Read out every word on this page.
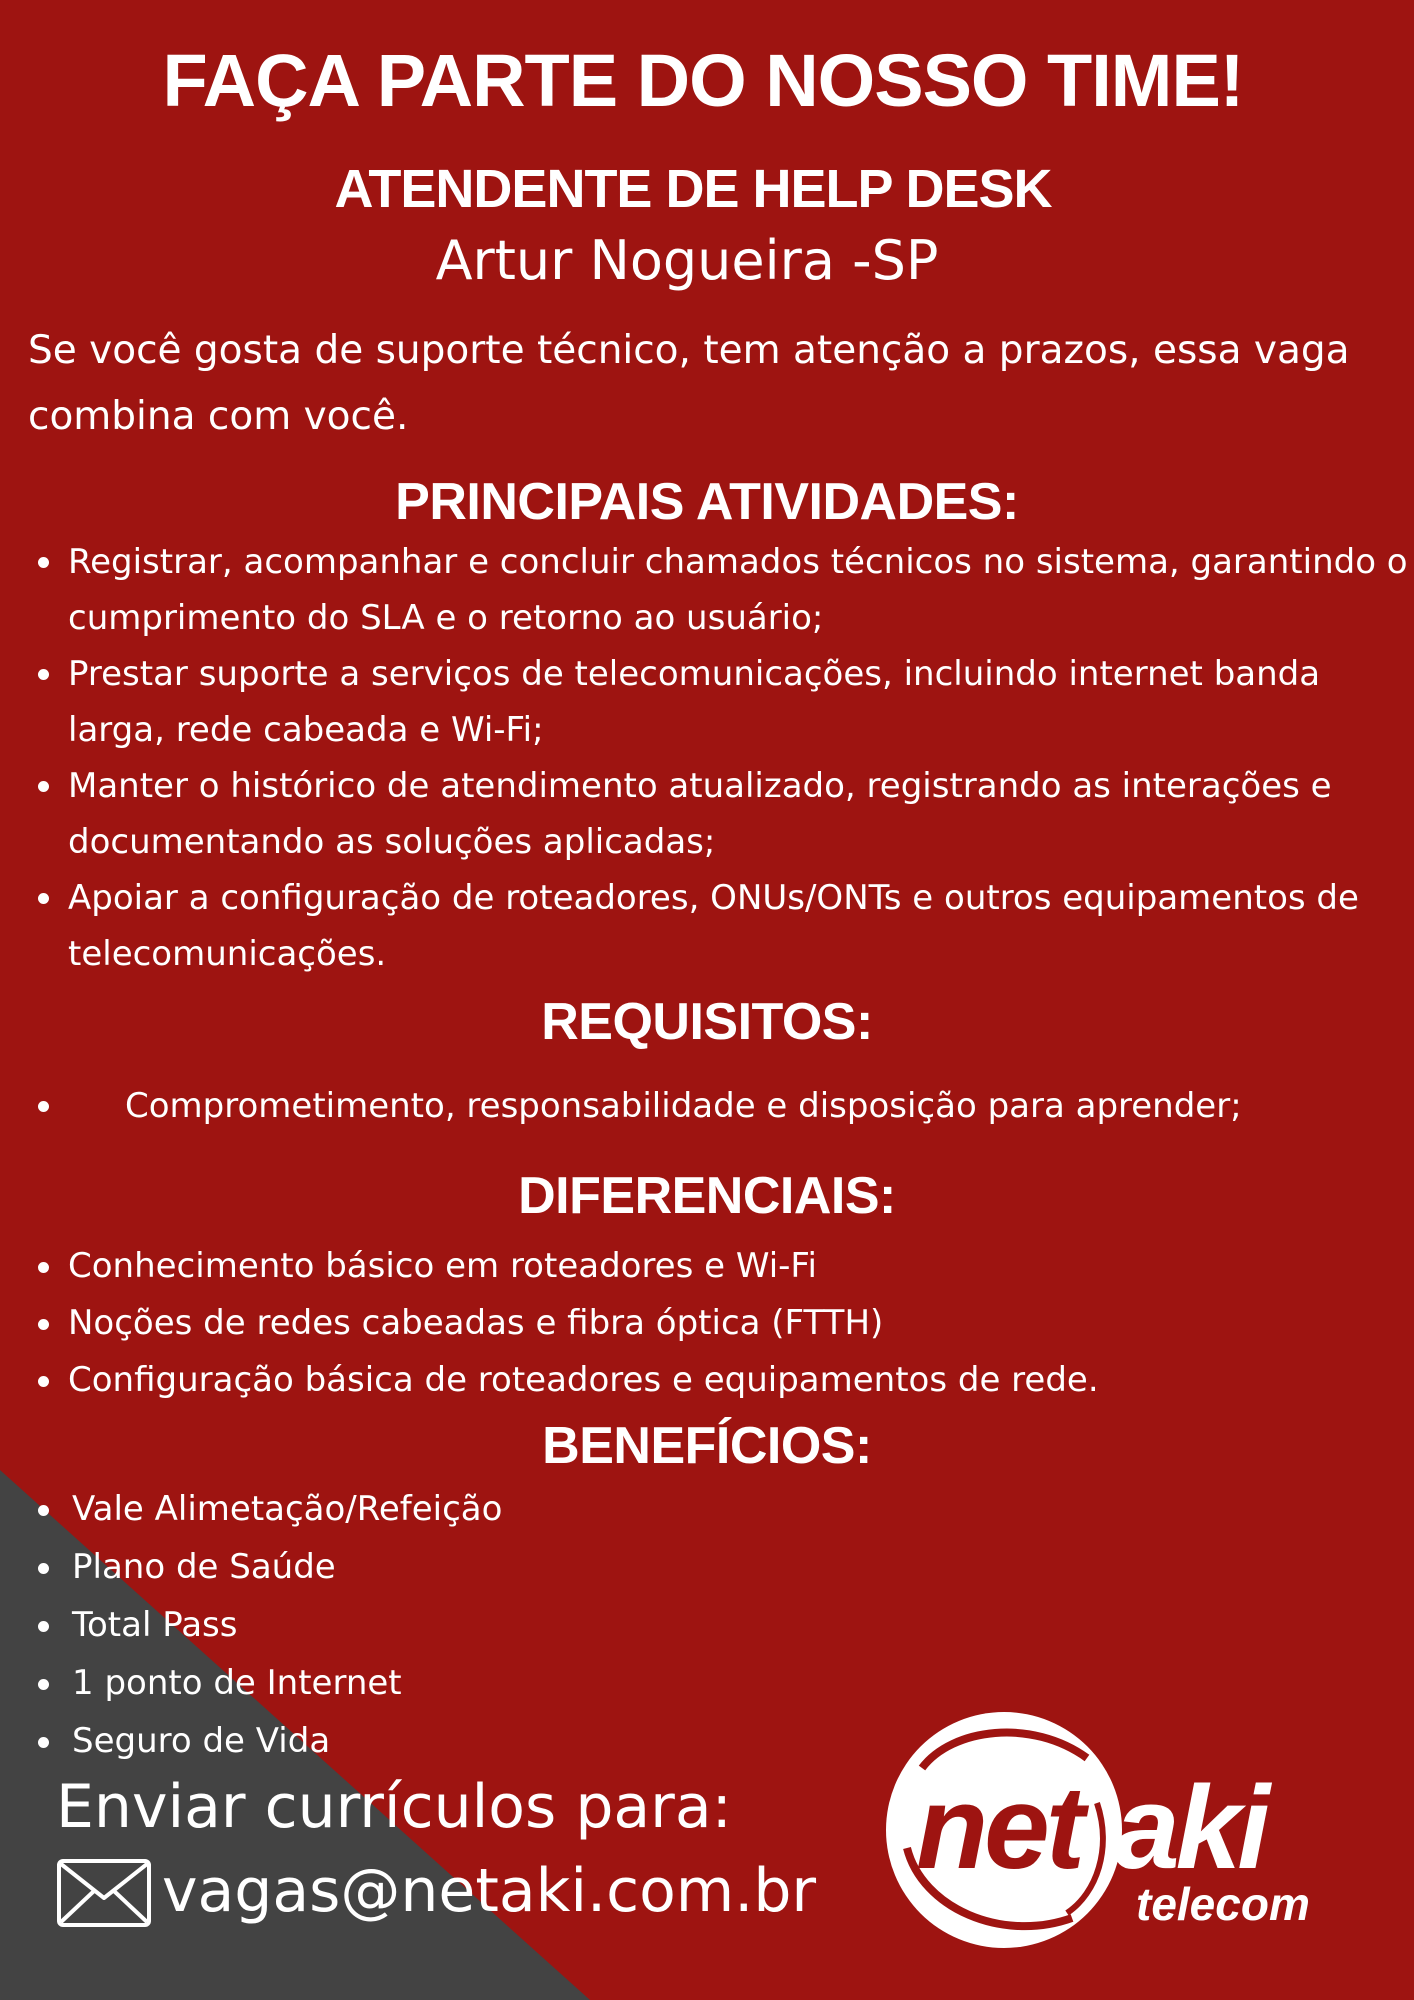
FAÇA PARTE DO NOSSO TIME!
ATENDENTE DE HELP DESK
Artur Nogueira -SP
Se você gosta de suporte técnico, tem atenção a prazos, essa vaga combina com você.
PRINCIPAIS ATIVIDADES:
Registrar, acompanhar e concluir chamados técnicos no sistema, garantindo o cumprimento do SLA e o retorno ao usuário;
Prestar suporte a serviços de telecomunicações, incluindo internet banda larga, rede cabeada e Wi-Fi;
Manter o histórico de atendimento atualizado, registrando as interações e documentando as soluções aplicadas;
Apoiar a configuração de roteadores, ONUs/ONTs e outros equipamentos de telecomunicações.
REQUISITOS:
Comprometimento, responsabilidade e disposição para aprender;
DIFERENCIAIS:
Conhecimento básico em roteadores e Wi-Fi
Noções de redes cabeadas e fibra óptica (FTTH)
Configuração básica de roteadores e equipamentos de rede.
BENEFÍCIOS:
Vale Alimetação/Refeição
Plano de Saúde
Total Pass
1 ponto de Internet
Seguro de Vida
Enviar currículos para:
vagas@netaki.com.br net aki
telecom
